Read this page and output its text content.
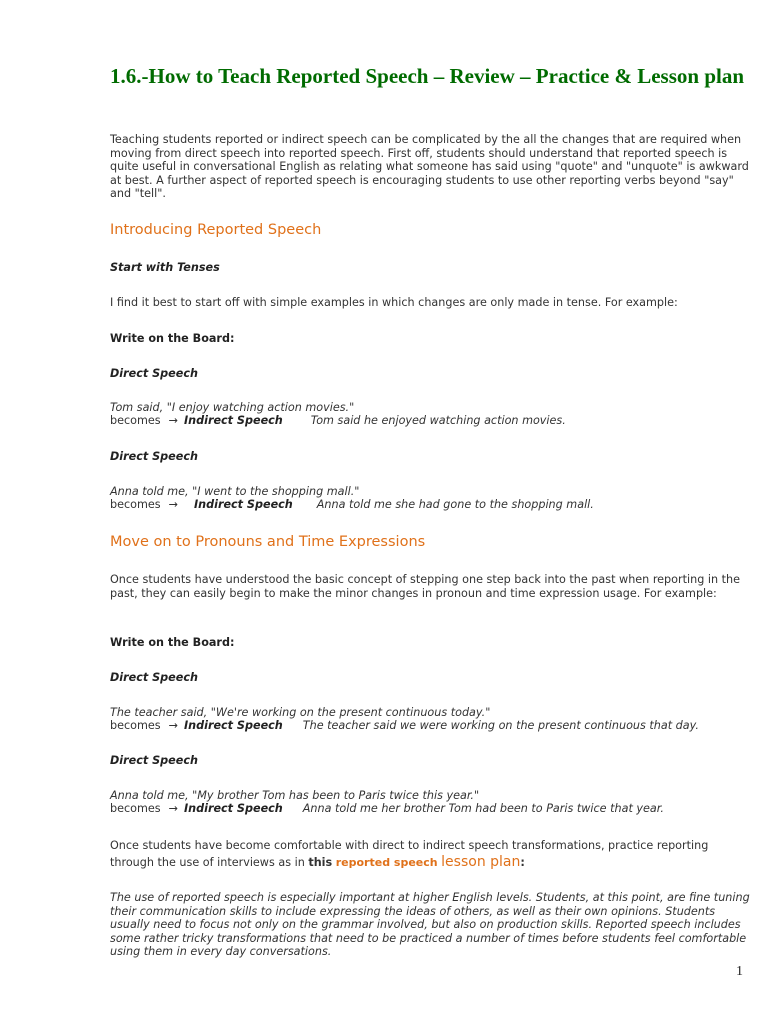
1.6.-How to Teach Reported Speech – Review – Practice & Lesson plan

Teaching students reported or indirect speech can be complicated by the all the changes that are required when moving from direct speech into reported speech. First off, students should understand that reported speech is quite useful in conversational English as relating what someone has said using "quote" and "unquote" is awkward at best. A further aspect of reported speech is encouraging students to use other reporting verbs beyond "say" and "tell".

Introducing Reported Speech

Start with Tenses

I find it best to start off with simple examples in which changes are only made in tense. For example:

Write on the Board:

Direct Speech

Tom said, "I enjoy watching action movies."

becomes → Indirect Speech	Tom said he enjoyed watching action movies.

Direct Speech

Anna told me, "I went to the shopping mall."

becomes → Indirect Speech Anna told me she had gone to the shopping mall.
Move on to Pronouns and Time Expressions

Once students have understood the basic concept of stepping one step back into the past when reporting in the past, they can easily begin to make the minor changes in pronoun and time expression usage. For example:

Write on the Board:

Direct Speech

The teacher said, "We're working on the present continuous today."

becomes → Indirect Speech The teacher said we were working on the present continuous that day.

Direct Speech

Anna told me, "My brother Tom has been to Paris twice this year."

becomes → Indirect Speech Anna told me her brother Tom had been to Paris twice that year.

Once students have become comfortable with direct to indirect speech transformations, practice reporting through the use of interviews as in this reported speech lesson plan:

The use of reported speech is especially important at higher English levels. Students, at this point, are fine tuning their communication skills to include expressing the ideas of others, as well as their own opinions. Students usually need to focus not only on the grammar involved, but also on production skills. Reported speech includes some rather tricky transformations that need to be practiced a number of times before students feel comfortable using them in every day conversations.

1
